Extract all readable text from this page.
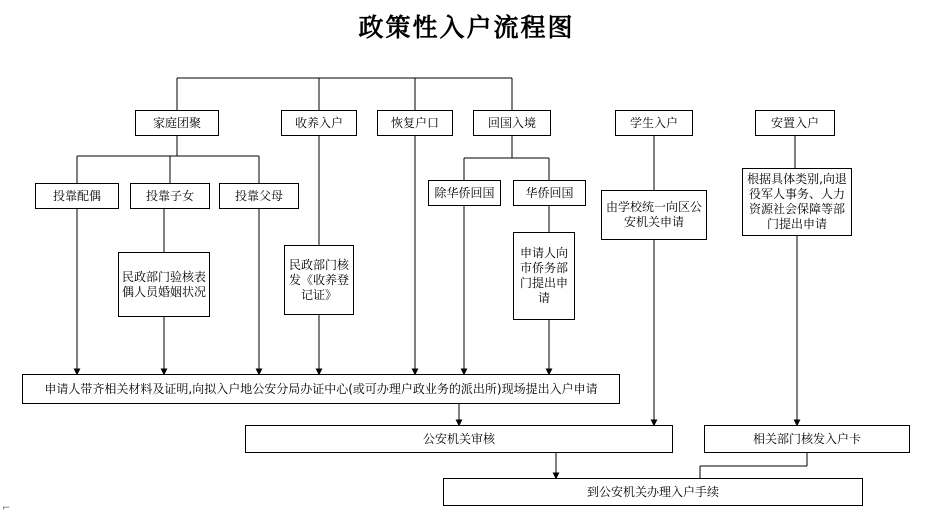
政策性入户流程图
家庭团聚	收养入户	恢复户口	回国入境	学生入户	安置入户
投靠配偶	投靠子女	投靠父母	除华侨回国	华侨回国
民政部门验核表偶人员婚姻状况
民政部门核发《收养登记证》
申请人向市侨务部门提出申请
由学校统一向区公安机关申请
根据具体类别,向退役军人事务、人力资源社会保障等部门提出申请
申请人带齐相关材料及证明,向拟入户地公安分局办证中心(或可办理户政业务的派出所)现场提出入户申请
公安机关审核	相关部门核发入户卡
到公安机关办理入户手续
⌐
